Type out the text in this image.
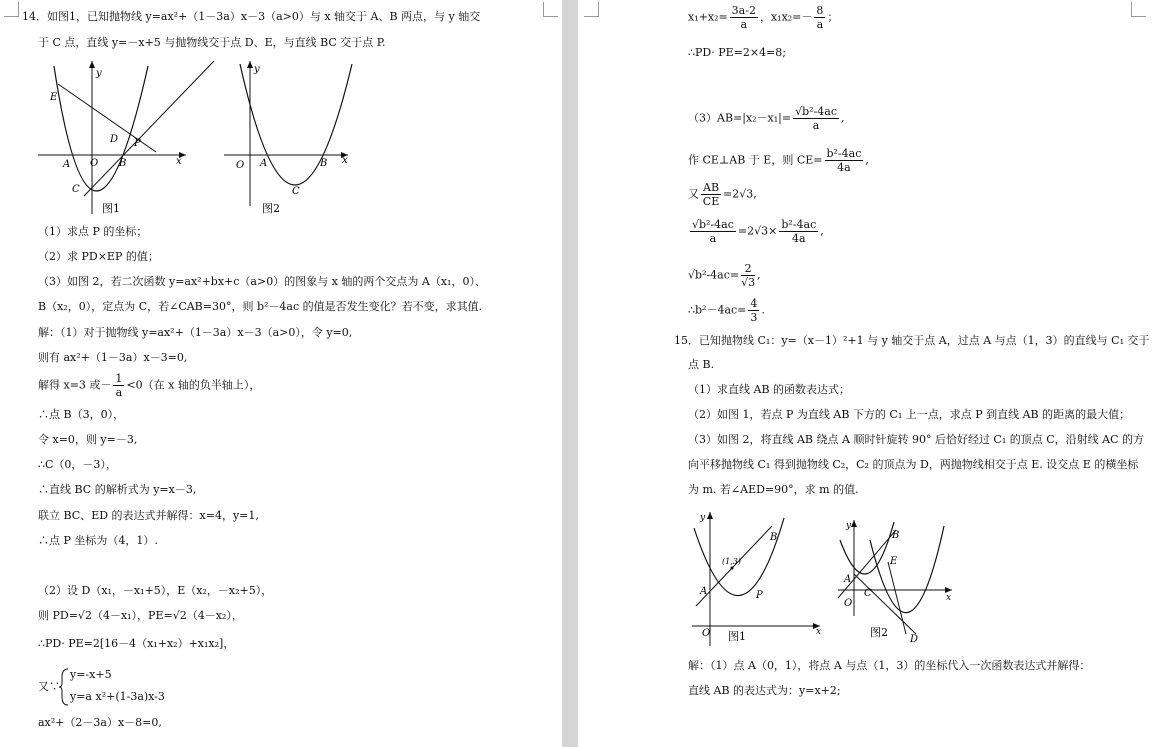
14．如图1，已知抛物线 y=ax²+（1－3a）x－3（a>0）与 x 轴交于 A、B 两点，与 y 轴交
于 C 点，直线 y=－x+5 与抛物线交于点 D、E，与直线 BC 交于点 P.
E
D P
A O B	x
y
C
图1
O A	B x
y
C
图2
（1）求点 P 的坐标；
（2）求 PD×EP 的值；
（3）如图 2，若二次函数 y=ax²+bx+c（a>0）的图象与 x 轴的两个交点为 A（x₁，0）、
B（x₂，0），定点为 C，若∠CAB=30°，则 b²－4ac 的值是否发生变化？若不变，求其值.
解：（1）对于抛物线 y=ax²+（1－3a）x－3（a>0），令 y=0,
则有 ax²+（1－3a）x－3=0,
解得 x=3 或－ $\frac{1}{a} <0$（在 x 轴的负半轴上），
∴点 B（3，0），
令 x=0，则 y=－3,
∴C（0，－3），
∴直线 BC 的解析式为 y=x－3,
联立 BC、ED 的表达式并解得：x=4，y=1,
∴点 P 坐标为（4，1）.
（2）设 D（x₁，－x₁+5），E（x₂，－x₂+5），
则 PD=√2（4－x₁），PE=√2（4－x₂），
∴PD· PE=2[16－4（x₁+x₂）+x₁x₂]，
又∵
y=-x+5
y=a x²+(1-3a)x-3
ax²+（2－3a）x－8=0,
$x_1+x_2= \frac{3a-2}{a}$ ，$x_1x_2=- \frac{8}{a}$ ；
∴PD· PE=2×4=8;
$(3)AB=|x_2-x_1|= \frac{\text{√b²-4ac}}{a}$ ,
作 CE⊥AB 于 E，则 $CE= \frac{\text{b²-4ac}}{4a}$ ,
又 $\frac{AB}{CE} =2√3$,
$\frac{\text{√b²-4ac}}{a} =2√3\times \frac{\text{b²-4ac}}{4a}$ ,
$√b^2-4ac= \frac{2}{√3}$ ,
∴b²－4ac= $\frac{4}{3}$ .
15．已知抛物线 C₁：y=（x－1）²+1 与 y 轴交于点 A，过点 A 与点（1，3）的直线与 C₁ 交于
点 B.
（1）求直线 AB 的函数表达式；
（2）如图 1，若点 P 为直线 AB 下方的 C₁ 上一点，求点 P 到直线 AB 的距离的最大值；
（3）如图 2，将直线 AB 绕点 A 顺时针旋转 90° 后恰好经过 C₁ 的顶点 C，沿射线 AC 的方
向平移抛物线 C₁ 得到抛物线 C₂，C₂ 的顶点为 D，两抛物线相交于点 E. 设交点 E 的横坐标
为 m. 若∠AED=90°，求 m 的值.
y
B
(1,3)
A	P
O	x
图1
y
B
E
A
C
O
D
x
图2
解：（1）点 A（0，1），将点 A 与点（1，3）的坐标代入一次函数表达式并解得：
直线 AB 的表达式为：y=x+2;
